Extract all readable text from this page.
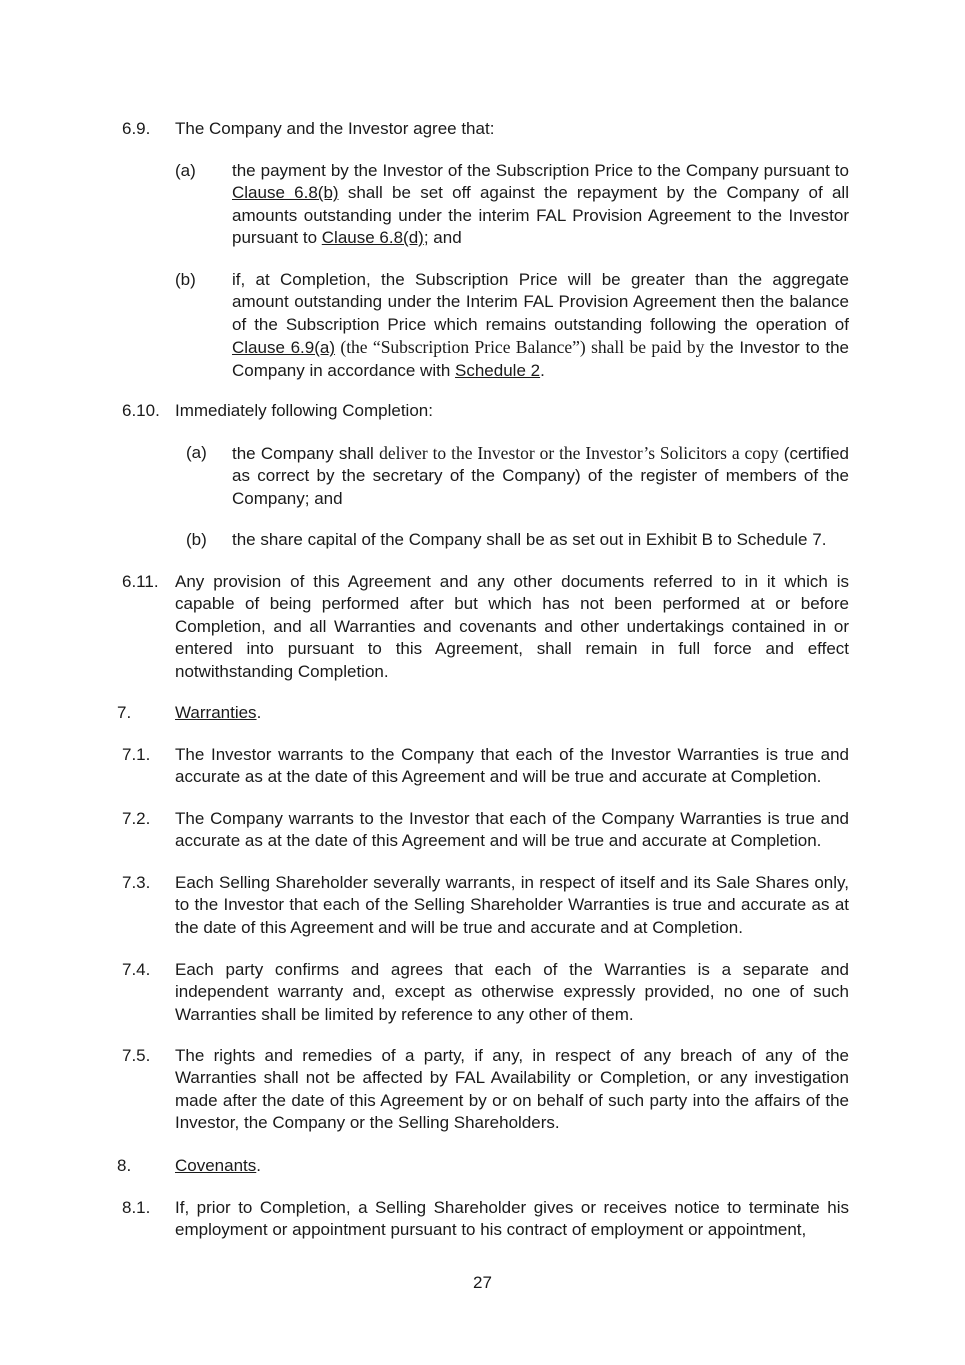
6.9. The Company and the Investor agree that:
(a) the payment by the Investor of the Subscription Price to the Company pursuant to Clause 6.8(b) shall be set off against the repayment by the Company of all amounts outstanding under the interim FAL Provision Agreement to the Investor pursuant to Clause 6.8(d); and
(b) if, at Completion, the Subscription Price will be greater than the aggregate amount outstanding under the Interim FAL Provision Agreement then the balance of the Subscription Price which remains outstanding following the operation of Clause 6.9(a) (the “Subscription Price Balance”) shall be paid by the Investor to the Company in accordance with Schedule 2.
6.10. Immediately following Completion:
(a) the Company shall deliver to the Investor or the Investor’s Solicitors a copy (certified as correct by the secretary of the Company) of the register of members of the Company; and
(b) the share capital of the Company shall be as set out in Exhibit B to Schedule 7.
6.11. Any provision of this Agreement and any other documents referred to in it which is capable of being performed after but which has not been performed at or before Completion, and all Warranties and covenants and other undertakings contained in or entered into pursuant to this Agreement, shall remain in full force and effect notwithstanding Completion.
7.	Warranties.
7.1. The Investor warrants to the Company that each of the Investor Warranties is true and accurate as at the date of this Agreement and will be true and accurate at Completion.
7.2. The Company warrants to the Investor that each of the Company Warranties is true and accurate as at the date of this Agreement and will be true and accurate at Completion.
7.3. Each Selling Shareholder severally warrants, in respect of itself and its Sale Shares only, to the Investor that each of the Selling Shareholder Warranties is true and accurate as at the date of this Agreement and will be true and accurate and at Completion.
7.4. Each party confirms and agrees that each of the Warranties is a separate and independent warranty and, except as otherwise expressly provided, no one of such Warranties shall be limited by reference to any other of them.
7.5. The rights and remedies of a party, if any, in respect of any breach of any of the Warranties shall not be affected by FAL Availability or Completion, or any investigation made after the date of this Agreement by or on behalf of such party into the affairs of the Investor, the Company or the Selling Shareholders.
8.	Covenants.
8.1. If, prior to Completion, a Selling Shareholder gives or receives notice to terminate his employment or appointment pursuant to his contract of employment or appointment,
27
